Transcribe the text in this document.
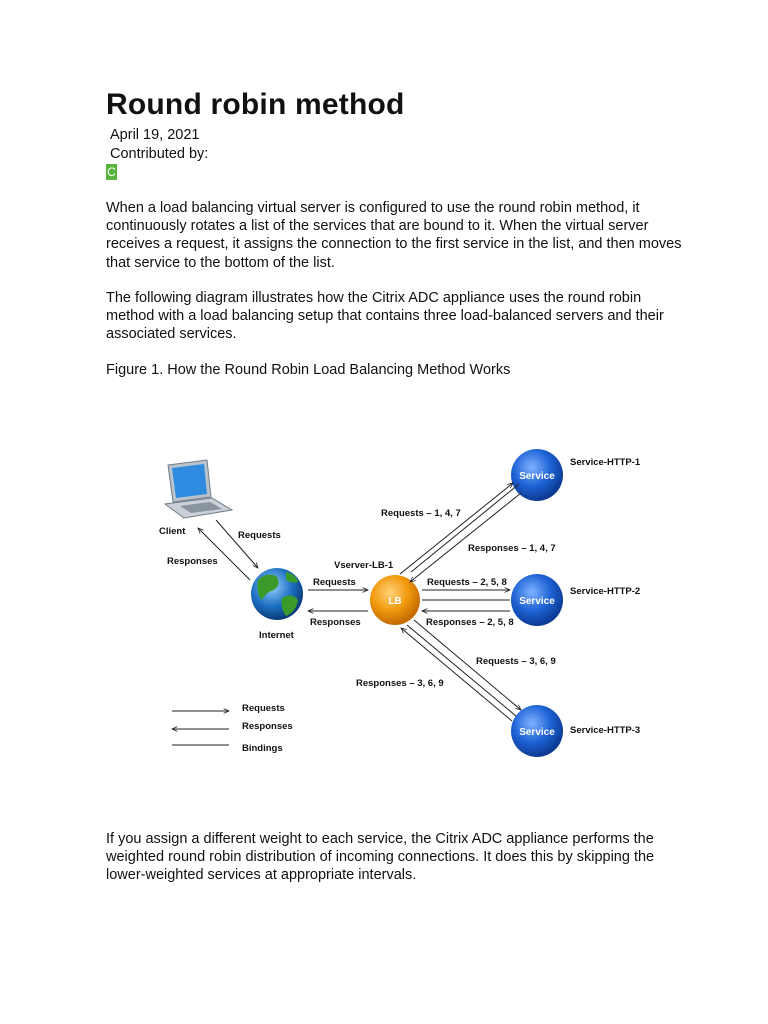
Round robin method
April 19, 2021
Contributed by:
C

When a load balancing virtual server is configured to use the round robin method, it continuously rotates a list of the services that are bound to it. When the virtual server receives a request, it assigns the connection to the first service in the list, and then moves that service to the bottom of the list.

The following diagram illustrates how the Citrix ADC appliance uses the round robin method with a load balancing setup that contains three load-balanced servers and their associated services.

Figure 1. How the Round Robin Load Balancing Method Works

Client	Requests
Responses
Internet
Requests
Responses
Vserver-LB-1
LB
Service
Service-HTTP-1
Requests – 1, 4, 7
Responses – 1, 4, 7
Service
Service-HTTP-2
Requests – 2, 5, 8
Responses – 2, 5, 8
Service Service-HTTP-3
Requests – 3, 6, 9
Responses – 3, 6, 9
Requests
Responses
Bindings

If you assign a different weight to each service, the Citrix ADC appliance performs the weighted round robin distribution of incoming connections. It does this by skipping the lower-weighted services at appropriate intervals.
